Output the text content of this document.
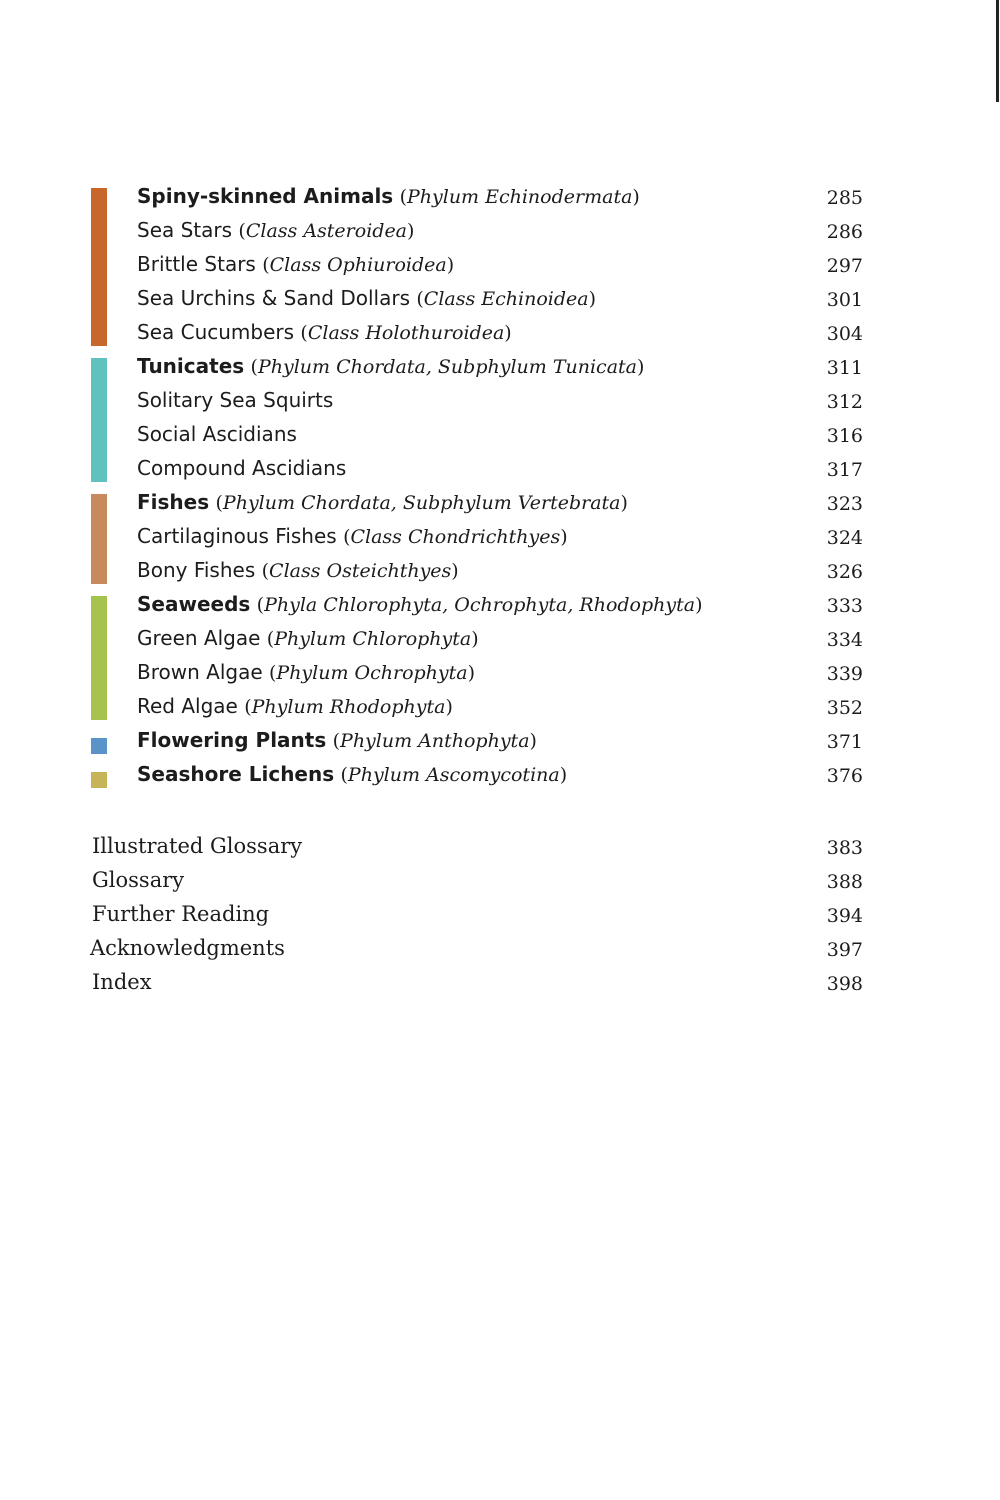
Spiny-skinned Animals (Phylum Echinodermata)	285
Sea Stars (Class Asteroidea)	286
Brittle Stars (Class Ophiuroidea)	297
Sea Urchins & Sand Dollars (Class Echinoidea)	301
Sea Cucumbers (Class Holothuroidea)	304
Tunicates (Phylum Chordata, Subphylum Tunicata)	311
Solitary Sea Squirts	312
Social Ascidians	316
Compound Ascidians	317
Fishes (Phylum Chordata, Subphylum Vertebrata)	323
Cartilaginous Fishes (Class Chondrichthyes)	324
Bony Fishes (Class Osteichthyes)	326
Seaweeds (Phyla Chlorophyta, Ochrophyta, Rhodophyta)	333
Green Algae (Phylum Chlorophyta)	334
Brown Algae (Phylum Ochrophyta)	339
Red Algae (Phylum Rhodophyta)	352
Flowering Plants (Phylum Anthophyta)	371
Seashore Lichens (Phylum Ascomycotina)	376
Illustrated Glossary	383
Glossary	388
Further Reading	394
Acknowledgments	397
Index	398
